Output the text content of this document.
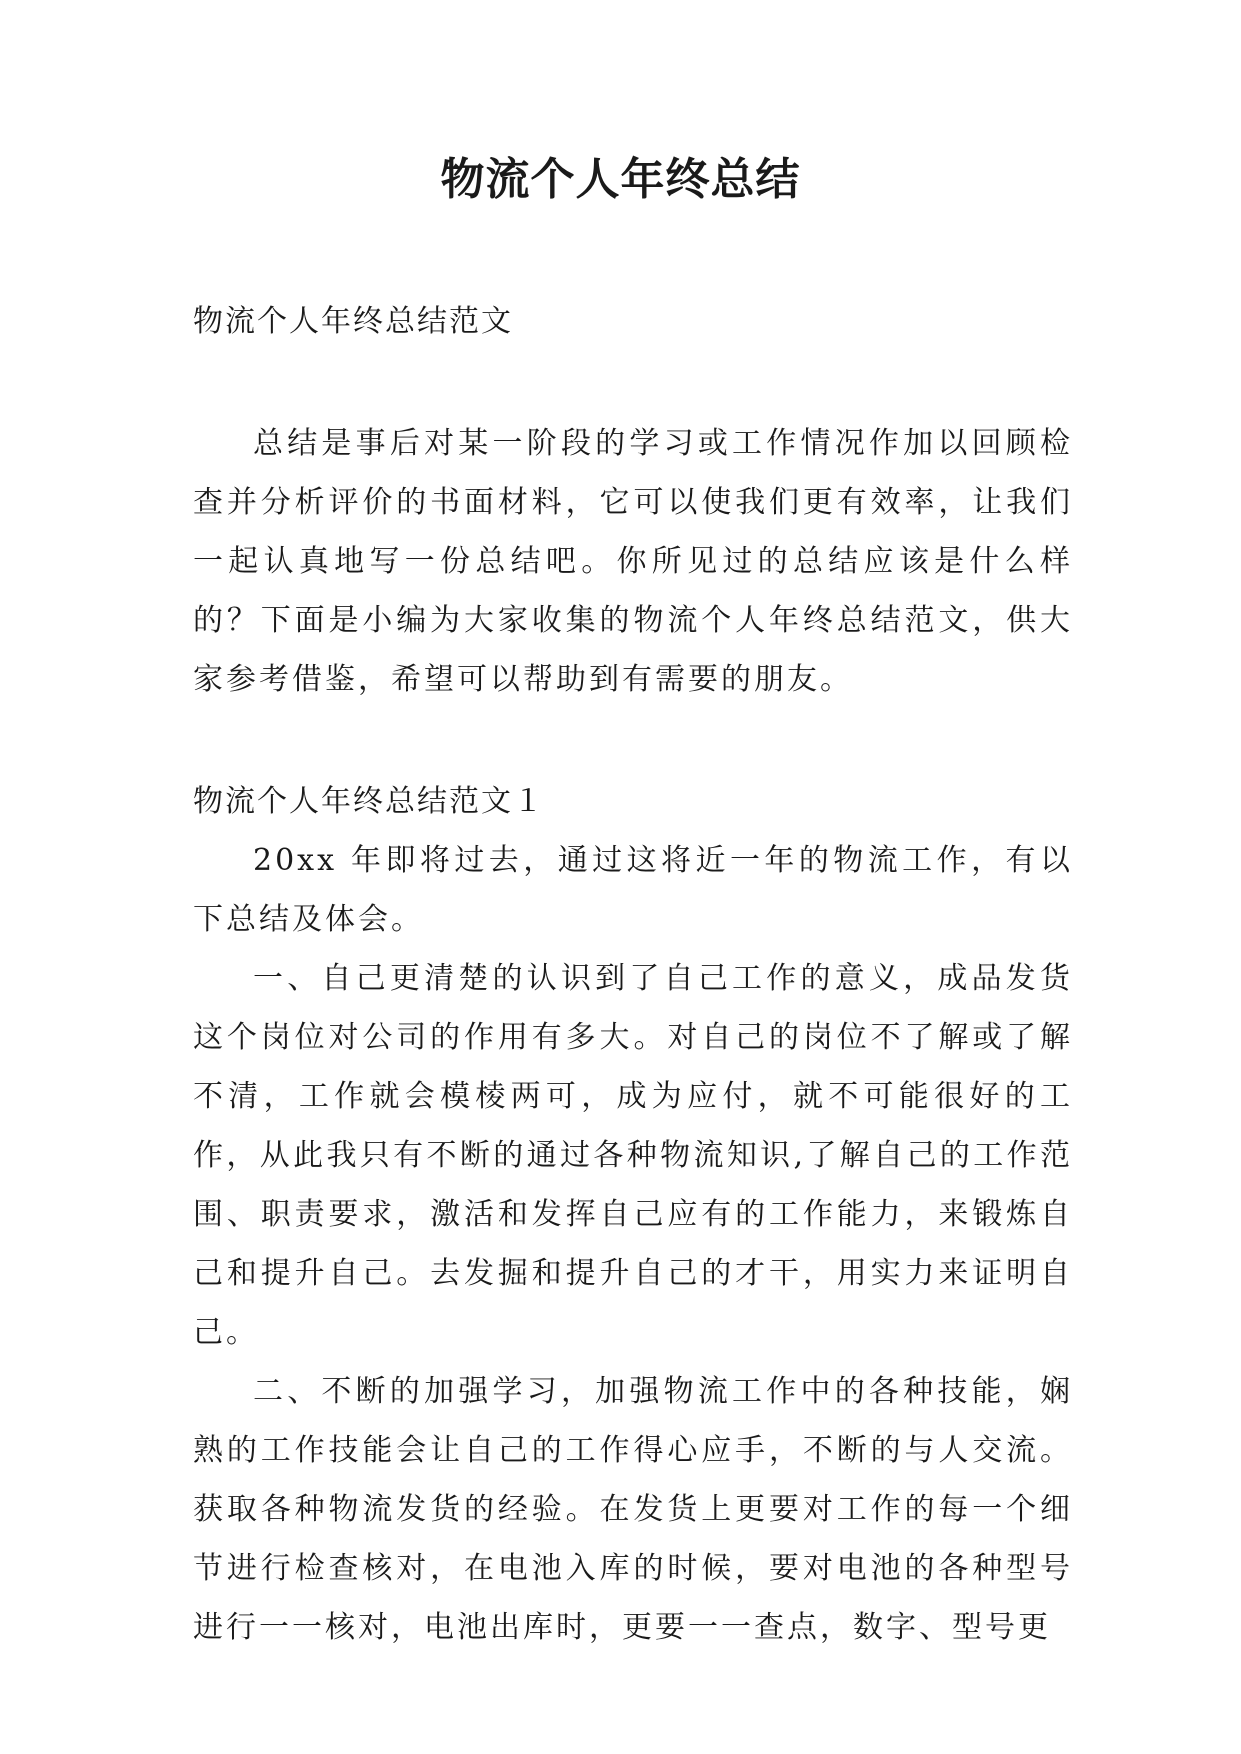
物流个人年终总结

物流个人年终总结范文

总结是事后对某一阶段的学习或工作情况作加以回顾检查并分析评价的书面材料，它可以使我们更有效率，让我们一起认真地写一份总结吧。你所见过的总结应该是什么样的？下面是小编为大家收集的物流个人年终总结范文，供大家参考借鉴，希望可以帮助到有需要的朋友。

物流个人年终总结范文１

20xx 年即将过去，通过这将近一年的物流工作，有以下总结及体会。

一、自己更清楚的认识到了自己工作的意义，成品发货这个岗位对公司的作用有多大。对自己的岗位不了解或了解不清，工作就会模棱两可，成为应付，就不可能很好的工作，从此我只有不断的通过各种物流知识,了解自己的工作范围、职责要求，激活和发挥自己应有的工作能力，来锻炼自己和提升自己。去发掘和提升自己的才干，用实力来证明自己。

二、不断的加强学习，加强物流工作中的各种技能，娴熟的工作技能会让自己的工作得心应手，不断的与人交流。获取各种物流发货的经验。在发货上更要对工作的每一个细节进行检查核对，在电池入库的时候，要对电池的各种型号进行一一核对，电池出库时，更要一一查点，数字、型号更
